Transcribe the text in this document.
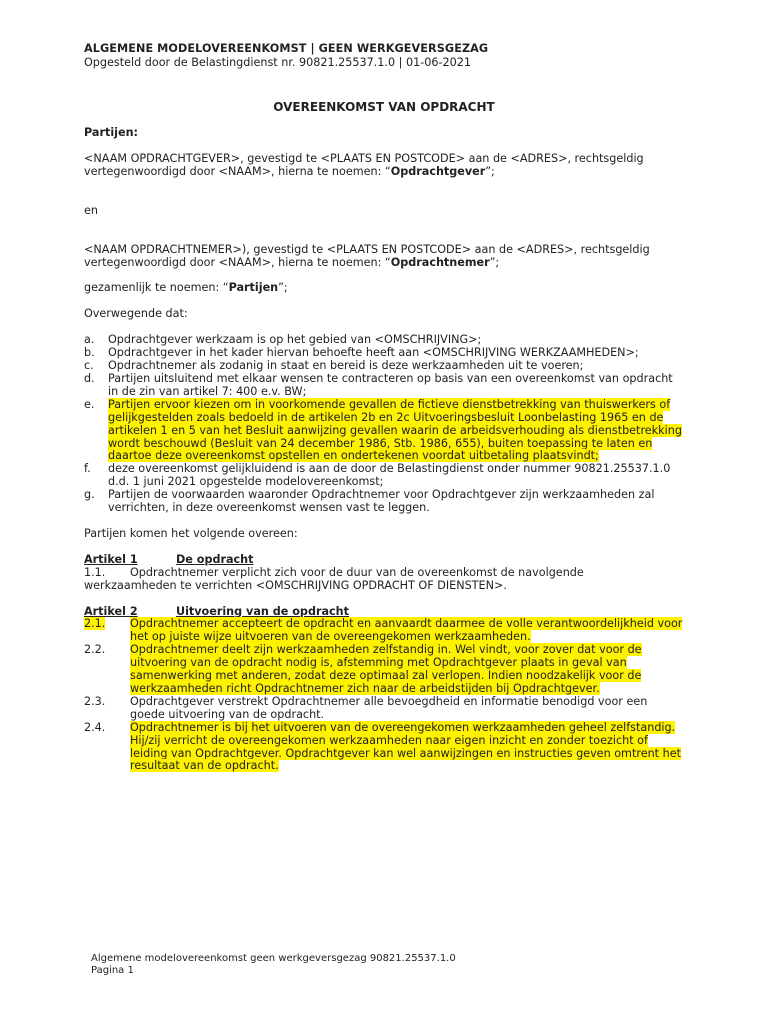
ALGEMENE MODELOVEREENKOMST | GEEN WERKGEVERSGEZAG
Opgesteld door de Belastingdienst nr. 90821.25537.1.0 | 01-06-2021
OVEREENKOMST VAN OPDRACHT
Partijen:

<NAAM OPDRACHTGEVER>, gevestigd te <PLAATS EN POSTCODE> aan de <ADRES>, rechtsgeldig vertegenwoordigd door <NAAM>, hierna te noemen: “Opdrachtgever”;

en

<NAAM OPDRACHTNEMER>), gevestigd te <PLAATS EN POSTCODE> aan de <ADRES>, rechtsgeldig vertegenwoordigd door <NAAM>, hierna te noemen: “Opdrachtnemer”;

gezamenlijk te noemen: “Partijen”;

Overwegende dat:

a.	Opdrachtgever werkzaam is op het gebied van <OMSCHRIJVING>;
b.	Opdrachtgever in het kader hiervan behoefte heeft aan <OMSCHRIJVING WERKZAAMHEDEN>;
c.	Opdrachtnemer als zodanig in staat en bereid is deze werkzaamheden uit te voeren;
d.	Partijen uitsluitend met elkaar wensen te contracteren op basis van een overeenkomst van opdracht in de zin van artikel 7: 400 e.v. BW;
e.	Partijen ervoor kiezen om in voorkomende gevallen de fictieve dienstbetrekking van thuiswerkers of gelijkgestelden zoals bedoeld in de artikelen 2b en 2c Uitvoeringsbesluit Loonbelasting 1965 en de artikelen 1 en 5 van het Besluit aanwijzing gevallen waarin de arbeidsverhouding als dienstbetrekking wordt beschouwd (Besluit van 24 december 1986, Stb. 1986, 655), buiten toepassing te laten en daartoe deze overeenkomst opstellen en ondertekenen voordat uitbetaling plaatsvindt;
f.	deze overeenkomst gelijkluidend is aan de door de Belastingdienst onder nummer 90821.25537.1.0 d.d. 1 juni 2021 opgestelde modelovereenkomst;
g.	Partijen de voorwaarden waaronder Opdrachtnemer voor Opdrachtgever zijn werkzaamheden zal verrichten, in deze overeenkomst wensen vast te leggen.

Partijen komen het volgende overeen:

Artikel 1	De opdracht
1.1.	Opdrachtnemer verplicht zich voor de duur van de overeenkomst de navolgende
werkzaamheden te verrichten <OMSCHRIJVING OPDRACHT OF DIENSTEN>.
Artikel 2	Uitvoering van de opdracht
2.1.	Opdrachtnemer accepteert de opdracht en aanvaardt daarmee de volle verantwoordelijkheid voor het op juiste wijze uitvoeren van de overeengekomen werkzaamheden.
2.2.	Opdrachtnemer deelt zijn werkzaamheden zelfstandig in. Wel vindt, voor zover dat voor de uitvoering van de opdracht nodig is, afstemming met Opdrachtgever plaats in geval van samenwerking met anderen, zodat deze optimaal zal verlopen. Indien noodzakelijk voor de werkzaamheden richt Opdrachtnemer zich naar de arbeidstijden bij Opdrachtgever.
2.3.	Opdrachtgever verstrekt Opdrachtnemer alle bevoegdheid en informatie benodigd voor een goede uitvoering van de opdracht.
2.4.	Opdrachtnemer is bij het uitvoeren van de overeengekomen werkzaamheden geheel zelfstandig. Hij/zij verricht de overeengekomen werkzaamheden naar eigen inzicht en zonder toezicht of leiding van Opdrachtgever. Opdrachtgever kan wel aanwijzingen en instructies geven omtrent het resultaat van de opdracht.
Algemene modelovereenkomst geen werkgeversgezag 90821.25537.1.0
Pagina 1
